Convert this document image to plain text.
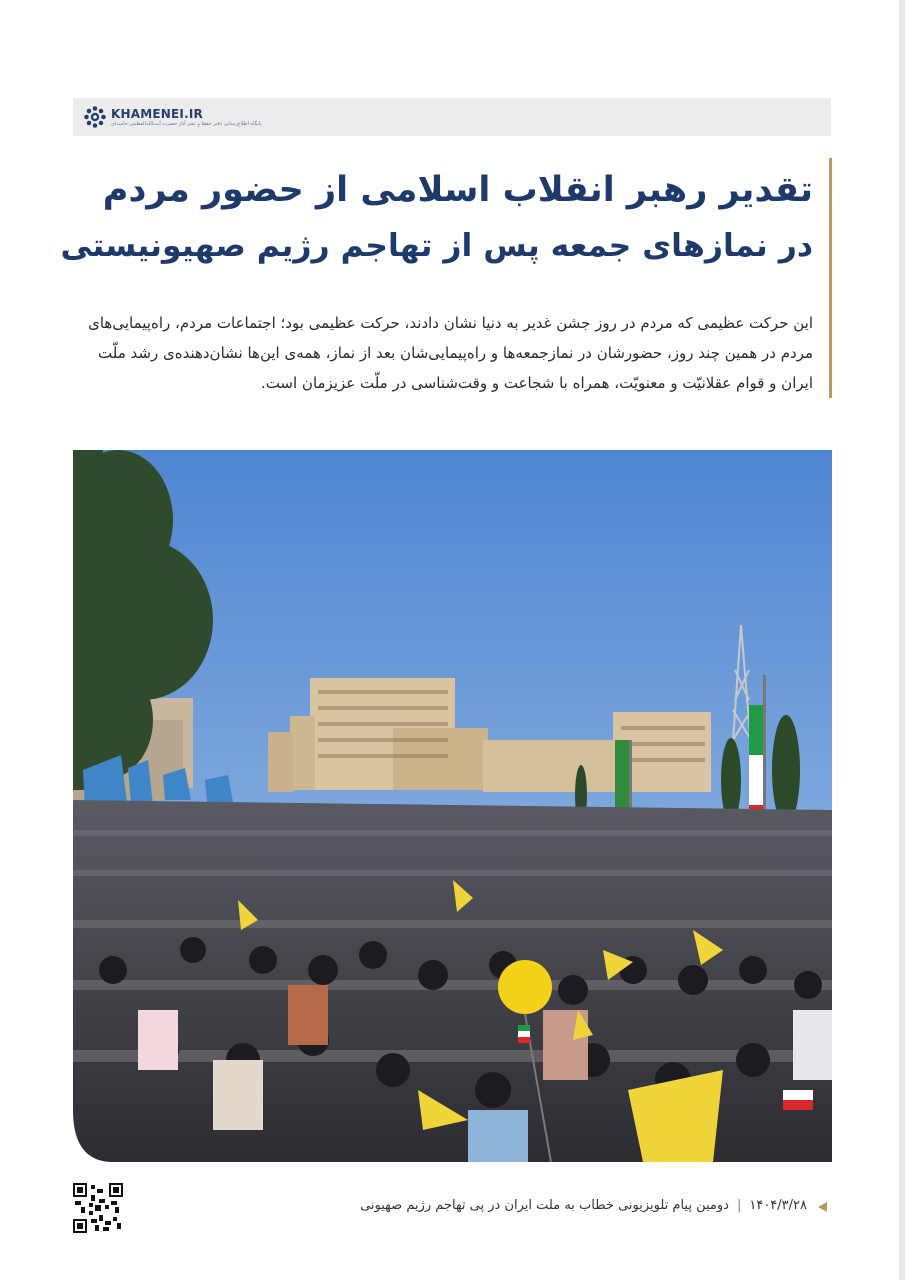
KHAMENEI.IR
پایگاه اطلاع‌رسانی دفتر حفظ و نشر آثار حضرت آیت‌الله‌العظمی خامنه‌ای
تقدیر رهبر انقلاب اسلامی از حضور مردم
در نمازهای جمعه پس از تهاجم رژیم صهیونیستی
این حرکت عظیمی که مردم در روز جشن غدیر به دنیا نشان دادند، حرکت عظیمی بود؛ اجتماعات مردم، راه‌پیمایی‌های
مردم در همین چند روز، حضورشان در نمازجمعه‌ها و راه‌پیمایی‌شان بعد از نماز، همه‌ی این‌ها نشان‌دهنده‌ی رشد ملّت
ایران و قوام عقلانیّت و معنویّت، همراه با شجاعت و وقت‌شناسی در ملّت عزیزمان است.
۱۴۰۴/۳/۲۸|دومین پیام تلویزیونی خطاب به ملت ایران در پی تهاجم رژیم صهیونی
